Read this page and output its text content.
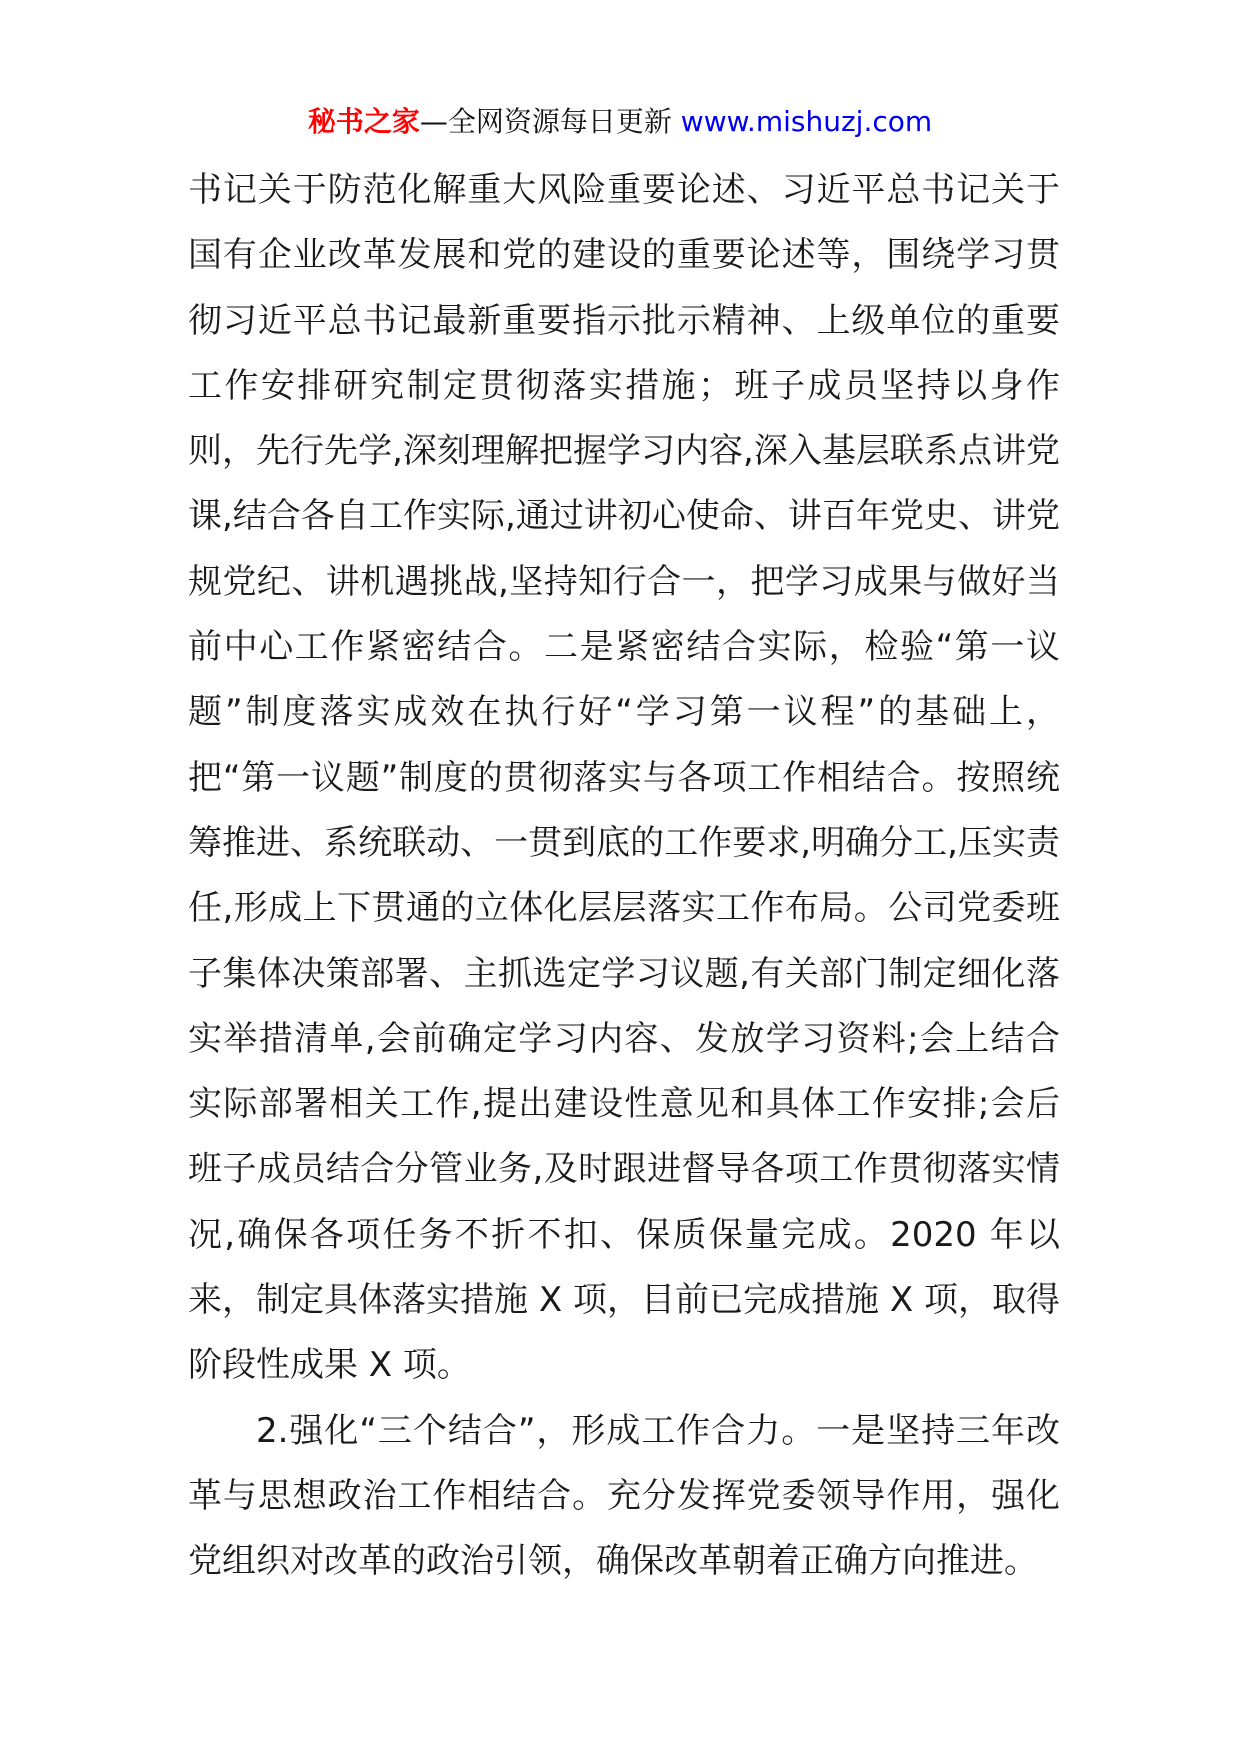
秘书之家—全网资源每日更新 www.mishuzj.com

书记关于防范化解重大风险重要论述、习近平总书记关于国有企业改革发展和党的建设的重要论述等，围绕学习贯彻习近平总书记最新重要指示批示精神、上级单位的重要工作安排研究制定贯彻落实措施；班子成员坚持以身作则，先行先学,深刻理解把握学习内容,深入基层联系点讲党课,结合各自工作实际,通过讲初心使命、讲百年党史、讲党规党纪、讲机遇挑战,坚持知行合一，把学习成果与做好当前中心工作紧密结合。二是紧密结合实际，检验“第一议题”制度落实成效在执行好“学习第一议程”的基础上，把“第一议题”制度的贯彻落实与各项工作相结合。按照统筹推进、系统联动、一贯到底的工作要求,明确分工,压实责任,形成上下贯通的立体化层层落实工作布局。公司党委班子集体决策部署、主抓选定学习议题,有关部门制定细化落实举措清单,会前确定学习内容、发放学习资料;会上结合实际部署相关工作,提出建设性意见和具体工作安排;会后班子成员结合分管业务,及时跟进督导各项工作贯彻落实情况,确保各项任务不折不扣、保质保量完成。2020 年以来，制定具体落实措施 X 项，目前已完成措施 X 项，取得阶段性成果 X 项。

2.强化“三个结合”，形成工作合力。一是坚持三年改革与思想政治工作相结合。充分发挥党委领导作用，强化党组织对改革的政治引领，确保改革朝着正确方向推进。
